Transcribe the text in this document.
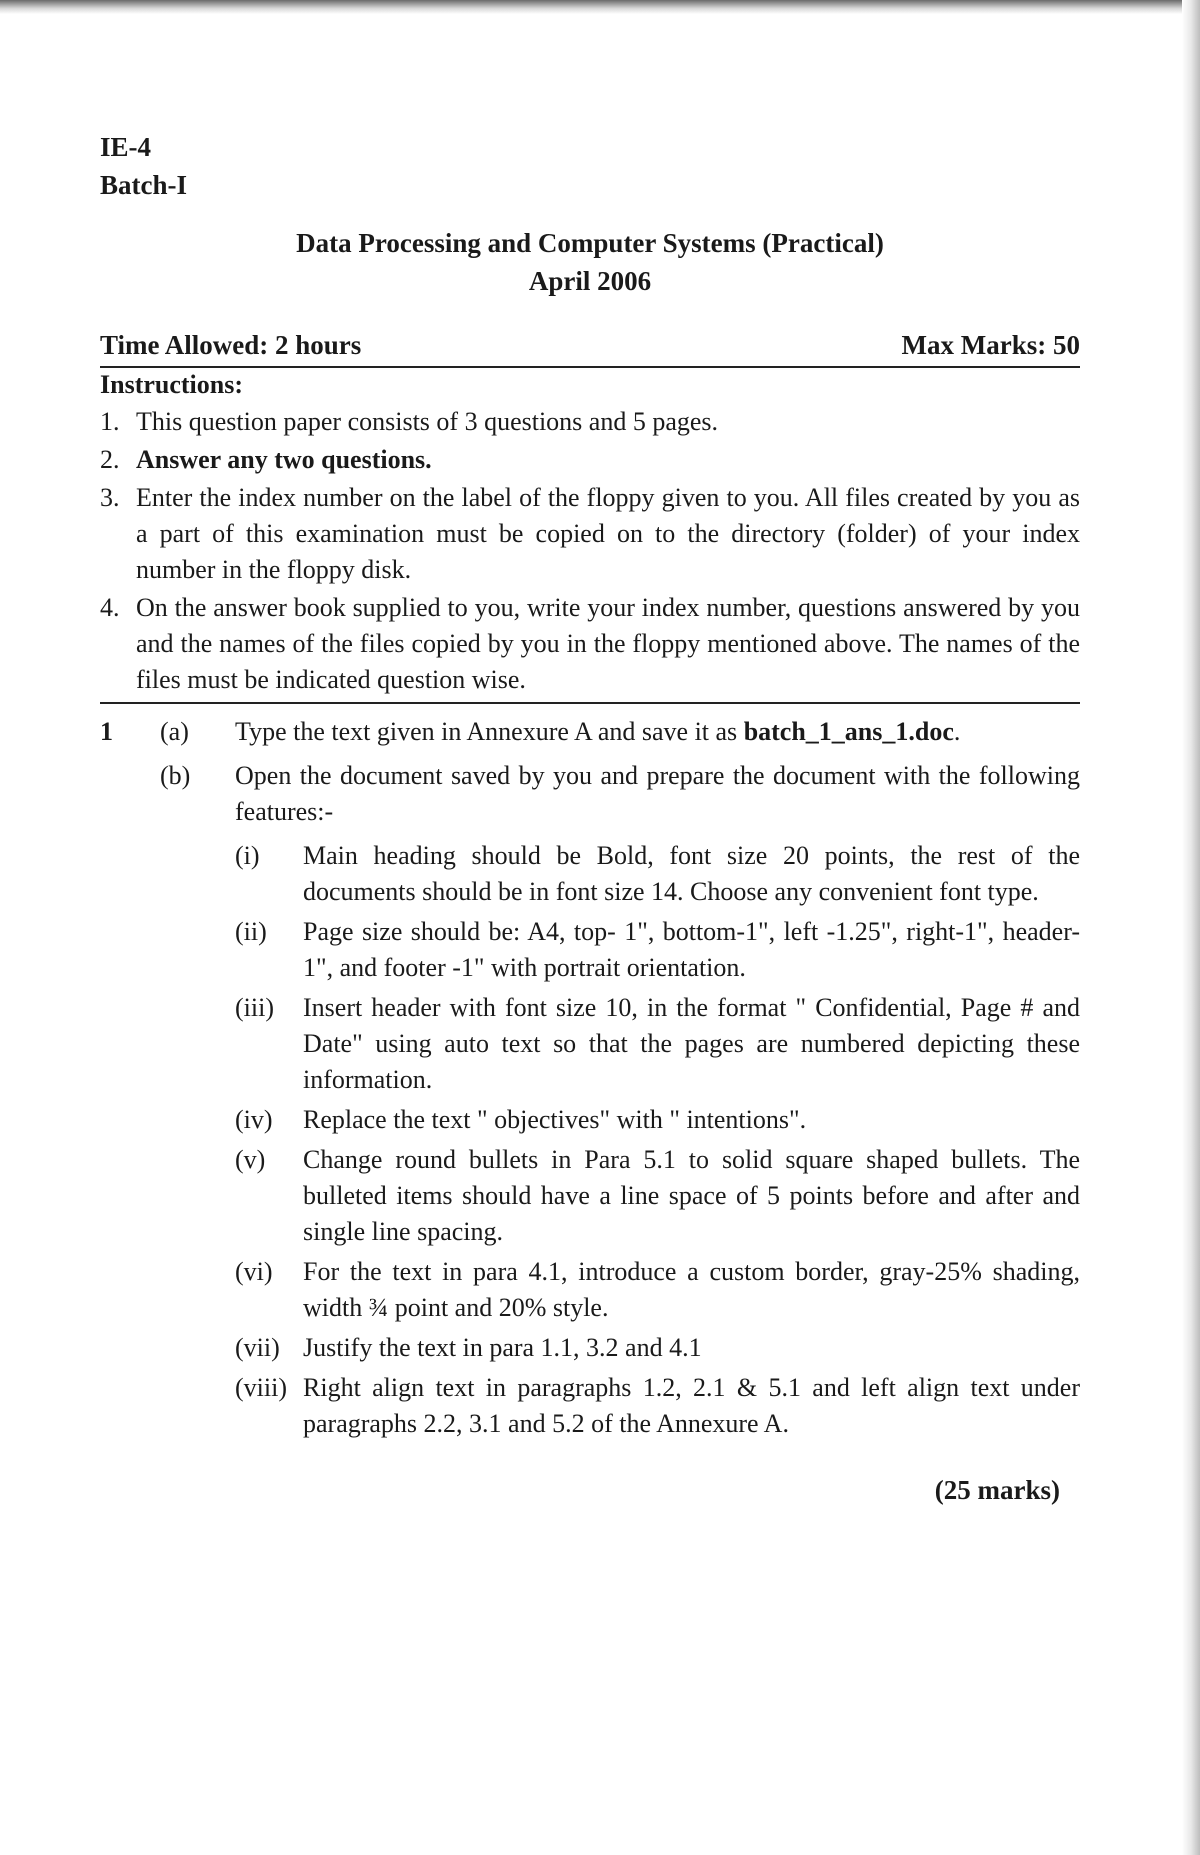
IE-4
Batch-I
Data Processing and Computer Systems (Practical)
April 2006
Time Allowed: 2 hours	Max Marks: 50
Instructions:
1. This question paper consists of 3 questions and 5 pages.
2. Answer any two questions.
3. Enter the index number on the label of the floppy given to you. All files created by you as a part of this examination must be copied on to the directory (folder) of your index number in the floppy disk.
4. On the answer book supplied to you, write your index number, questions answered by you and the names of the files copied by you in the floppy mentioned above. The names of the files must be indicated question wise.
1	(a)	Type the text given in Annexure A and save it as batch_1_ans_1.doc.
(b)	Open the document saved by you and prepare the document with the following features:-
(i)	Main heading should be Bold, font size 20 points, the rest of the documents should be in font size 14. Choose any convenient font type.
(ii)	Page size should be: A4, top- 1", bottom-1", left -1.25", right-1", header-1", and footer -1" with portrait orientation.
(iii)	Insert header with font size 10, in the format " Confidential, Page # and Date" using auto text so that the pages are numbered depicting these information.
(iv)	Replace the text " objectives" with " intentions".
(v)	Change round bullets in Para 5.1 to solid square shaped bullets. The bulleted items should have a line space of 5 points before and after and single line spacing.
(vi)	For the text in para 4.1, introduce a custom border, gray-25% shading, width ¾ point and 20% style.
(vii) Justify the text in para 1.1, 3.2 and 4.1
(viii) Right align text in paragraphs 1.2, 2.1 & 5.1 and left align text under paragraphs 2.2, 3.1 and 5.2 of the Annexure A.
(25 marks)
